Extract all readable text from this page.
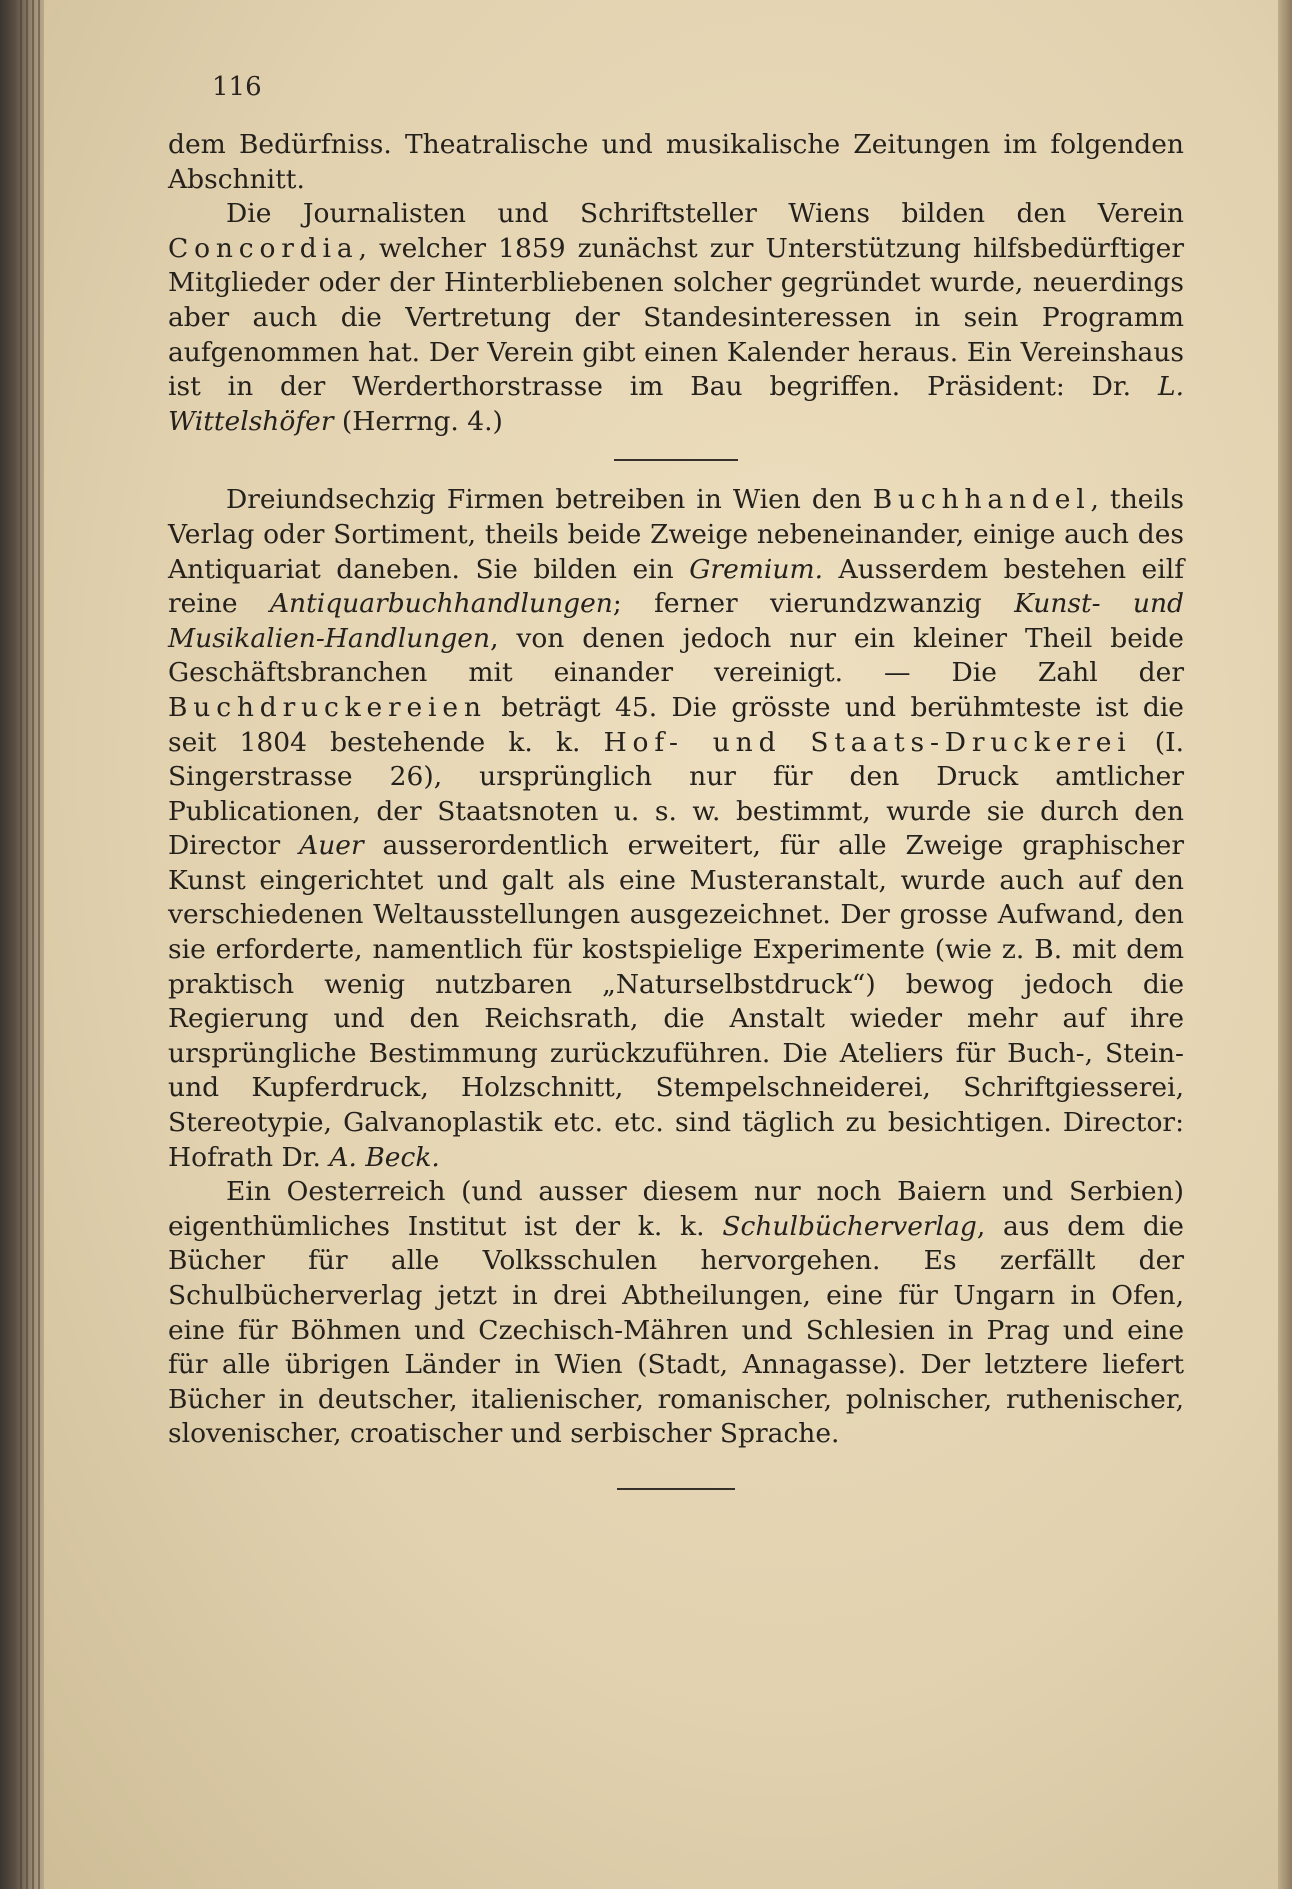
116

dem Bedürfniss. Theatralische und musikalische Zeitungen im folgenden Abschnitt.

Die Journalisten und Schriftsteller Wiens bilden den Verein Concordia, welcher 1859 zunächst zur Unterstützung hilfsbedürftiger Mitglieder oder der Hinterbliebenen solcher gegründet wurde, neuerdings aber auch die Vertretung der Standesinteressen in sein Programm aufgenommen hat. Der Verein gibt einen Kalender heraus. Ein Vereinshaus ist in der Werderthorstrasse im Bau begriffen. Präsident: Dr. L. Wittelshöfer (Herrng. 4.)

Dreiundsechzig Firmen betreiben in Wien den Buchhandel, theils Verlag oder Sortiment, theils beide Zweige nebeneinander, einige auch des Antiquariat daneben. Sie bilden ein Gremium. Ausserdem bestehen eilf reine Antiquarbuchhandlungen; ferner vierundzwanzig Kunst- und Musikalien-Handlungen, von denen jedoch nur ein kleiner Theil beide Geschäftsbranchen mit einander vereinigt. — Die Zahl der Buchdruckereien beträgt 45. Die grösste und berühmteste ist die seit 1804 bestehende k. k. Hof- und Staats-Druckerei (I. Singerstrasse 26), ursprünglich nur für den Druck amtlicher Publicationen, der Staatsnoten u. s. w. bestimmt, wurde sie durch den Director Auer ausserordentlich erweitert, für alle Zweige graphischer Kunst eingerichtet und galt als eine Musteranstalt, wurde auch auf den verschiedenen Weltausstellungen ausgezeichnet. Der grosse Aufwand, den sie erforderte, namentlich für kostspielige Experimente (wie z. B. mit dem praktisch wenig nutzbaren „Naturselbstdruck“) bewog jedoch die Regierung und den Reichsrath, die Anstalt wieder mehr auf ihre ursprüngliche Bestimmung zurückzuführen. Die Ateliers für Buch-, Stein- und Kupferdruck, Holzschnitt, Stempelschneiderei, Schriftgiesserei, Stereotypie, Galvanoplastik etc. etc. sind täglich zu besichtigen. Director: Hofrath Dr. A. Beck.

Ein Oesterreich (und ausser diesem nur noch Baiern und Serbien) eigenthümliches Institut ist der k. k. Schulbücherverlag, aus dem die Bücher für alle Volksschulen hervorgehen. Es zerfällt der Schulbücherverlag jetzt in drei Abtheilungen, eine für Ungarn in Ofen, eine für Böhmen und Czechisch-Mähren und Schlesien in Prag und eine für alle übrigen Länder in Wien (Stadt, Annagasse). Der letztere liefert Bücher in deutscher, italienischer, romanischer, polnischer, ruthenischer, slovenischer, croatischer und serbischer Sprache.
